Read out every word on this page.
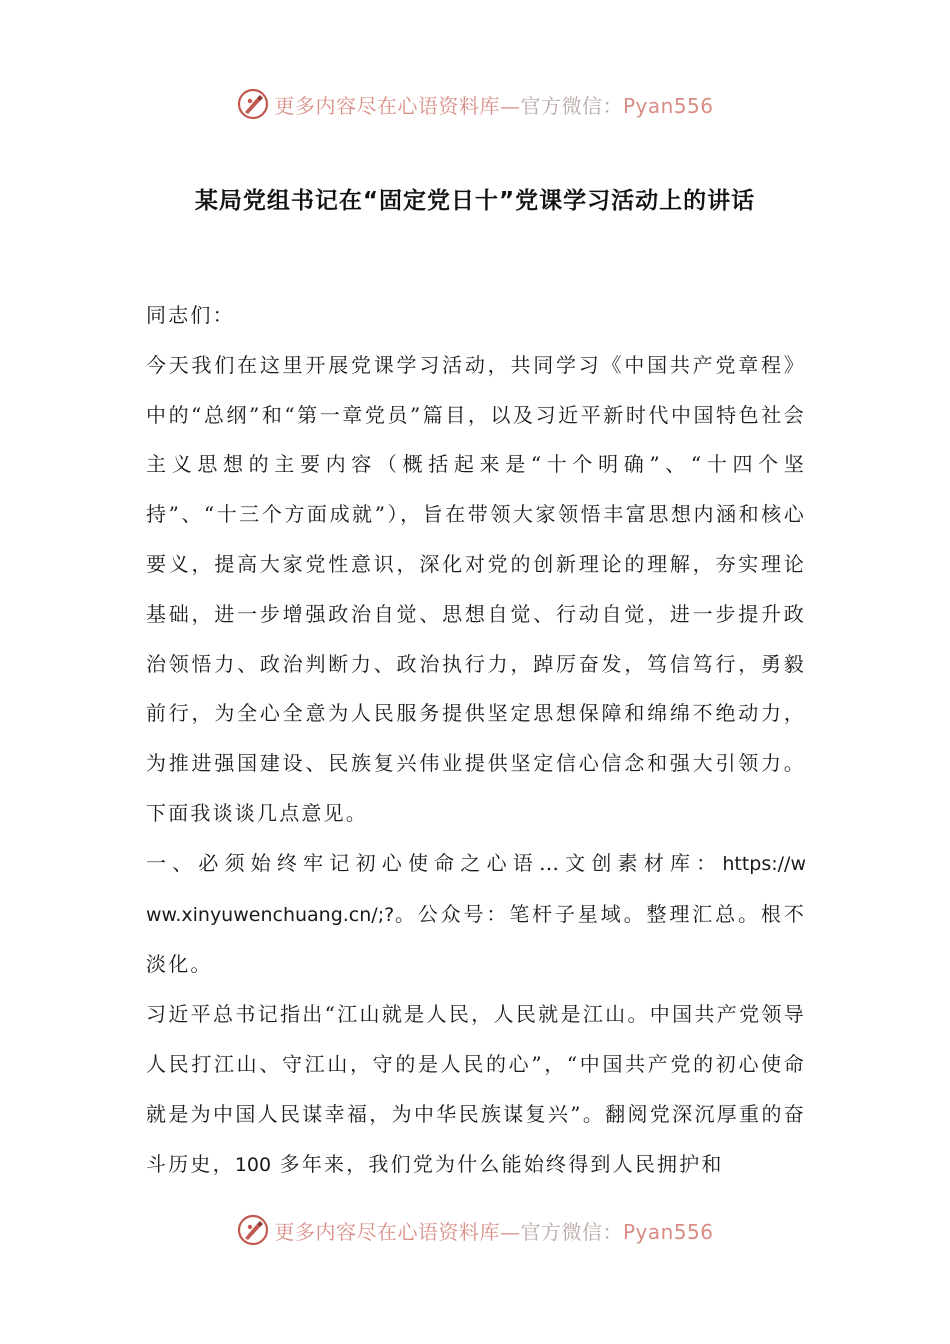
更多内容尽在心语资料库—官方微信：Pyan556
某局党组书记在“固定党日十”党课学习活动上的讲话

同志们：

今天我们在这里开展党课学习活动，共同学习《中国共产党章程》中的“总纲”和“第一章党员”篇目，以及习近平新时代中国特色社会主义思想的主要内容（概括起来是“十个明确”、“十四个坚持”、“十三个方面成就”），旨在带领大家领悟丰富思想内涵和核心要义，提高大家党性意识，深化对党的创新理论的理解，夯实理论基础，进一步增强政治自觉、思想自觉、行动自觉，进一步提升政治领悟力、政治判断力、政治执行力，踔厉奋发，笃信笃行，勇毅前行，为全心全意为人民服务提供坚定思想保障和绵绵不绝动力，为推进强国建设、民族复兴伟业提供坚定信心信念和强大引领力。下面我谈谈几点意见。

一、必须始终牢记初心使命之心语…文创素材库：https://www.xinyuwenchuang.cn/;?。公众号：笔杆子星域。整理汇总。根不淡化。

习近平总书记指出“江山就是人民，人民就是江山。中国共产党领导人民打江山、守江山，守的是人民的心”，“中国共产党的初心使命就是为中国人民谋幸福，为中华民族谋复兴”。翻阅党深沉厚重的奋斗历史，100 多年来，我们党为什么能始终得到人民拥护和

更多内容尽在心语资料库—官方微信：Pyan556
